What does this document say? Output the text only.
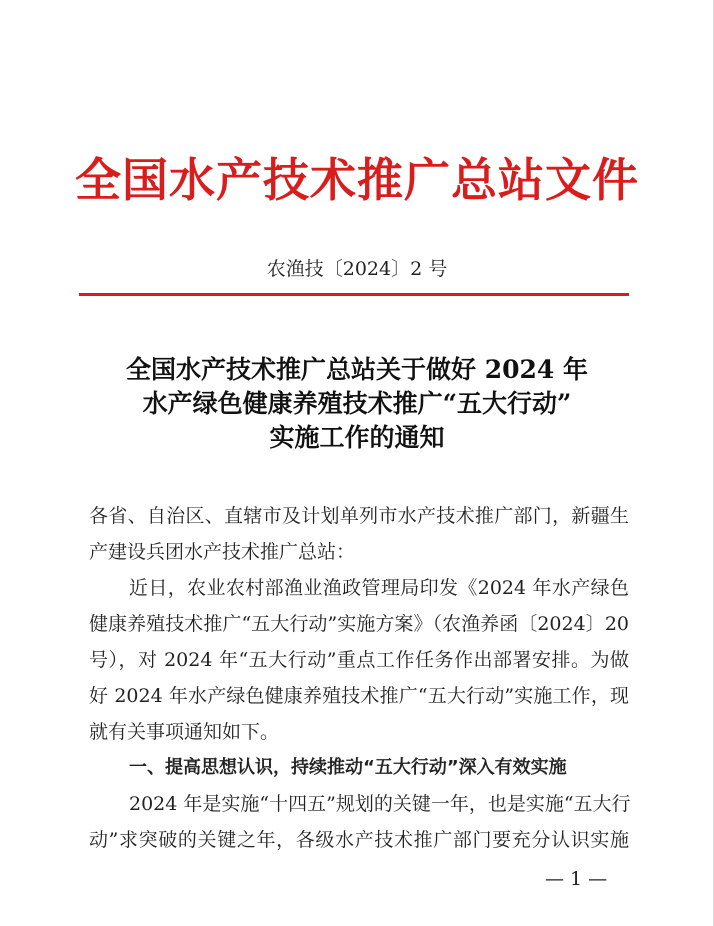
全国水产技术推广总站文件
农渔技〔2024〕2 号
全国水产技术推广总站关于做好 2024 年
水产绿色健康养殖技术推广“五大行动”
实施工作的通知
各省、自治区、直辖市及计划单列市水产技术推广部门，新疆生
产建设兵团水产技术推广总站：
近日，农业农村部渔业渔政管理局印发《2024 年水产绿色
健康养殖技术推广“五大行动”实施方案》（农渔养函〔2024〕20
号），对 2024 年“五大行动”重点工作任务作出部署安排。为做
好 2024 年水产绿色健康养殖技术推广“五大行动”实施工作，现
就有关事项通知如下。
一、提高思想认识，持续推动“五大行动”深入有效实施
2024 年是实施“十四五”规划的关键一年，也是实施“五大行
动”求突破的关键之年，各级水产技术推广部门要充分认识实施
— 1 —
